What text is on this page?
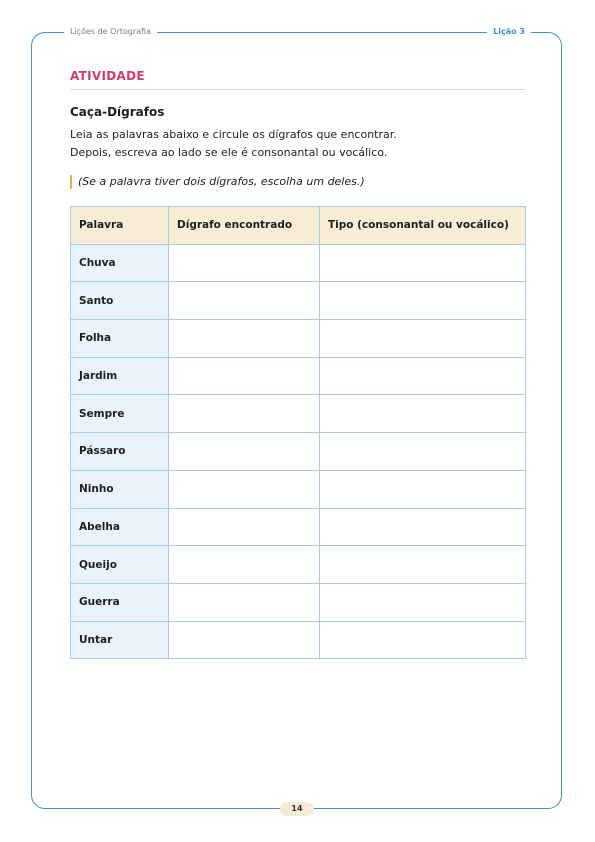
Lições de Ortografia	Lição 3
ATIVIDADE
Caça-Dígrafos
Leia as palavras abaixo e circule os dígrafos que encontrar.
Depois, escreva ao lado se ele é consonantal ou vocálico.
(Se a palavra tiver dois dígrafos, escolha um deles.)
Palavra	Dígrafo encontrado	Tipo (consonantal ou vocálico)
Chuva		
Santo		
Folha		
Jardim		
Sempre		
Pássaro		
Ninho		
Abelha		
Queijo		
Guerra		
Untar		
14
